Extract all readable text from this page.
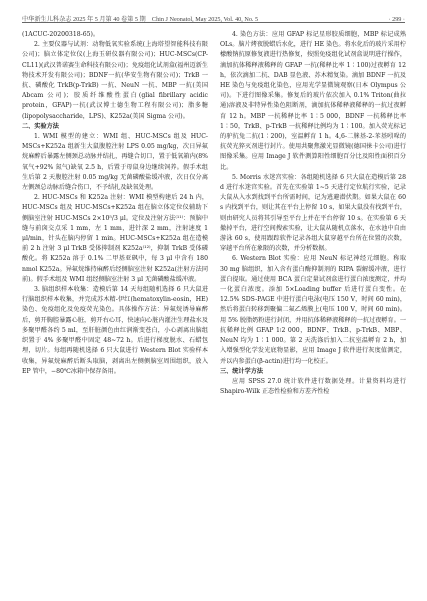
中华新生儿科杂志 2025 年 5 月第 40 卷第 5 期　Chin J Neonatol, May 2025, Vol. 40, No. 5	· 299 ·

(1ACUC-20200318-65)。

2. 主要仪器与试剂：动物低氧实验系统(上海塔望智能科技有限公司)；脑立体定位仪(上海玉研仪器有限公司)；HUC-MSCs(CP-CL11)(武汉普诺赛生命科技有限公司)；免疫组化试剂盒(福州迈新生物技术开发有限公司)；BDNF一抗(华安生物有限公司)；TrkB 一抗、磷酸化 TrkB(p-TrkB) 一抗、NeuN 一抗、MBP 一抗(美国 Abcam 公司)；胶质纤维酸性蛋白(glial fibrillary acidic protein，GFAP)一抗(武汉博士德生物工程有限公司)；脂多糖(lipopolysaccharide，LPS)、K252a(美国 Sigma 公司)。

二、实验方法

1. WMI 模型的建立：WMI 组、HUC-MSCs 组及 HUC-MSCs+K252a 组新生大鼠腹腔注射 LPS 0.05 mg/kg，次日异氟烷麻醉后暴露左侧颈总动脉并结扎，再缝合切口，置于低氧箱内(8% 氧气+92% 氮气)缺氧 2.5 h，后置于母鼠身边继续饲养。假手术组生后第 2 天腹腔注射 0.05 mg/kg 无菌磷酸盐缓冲液，次日仅分离左侧颈总动脉后缝合伤口，不予结扎及缺氧处理。

2. HUC-MSCs 和 K252a 注射：WMI 模型构建后 24 h 内，HUC-MSCs 组及 HUC-MSCs+K252a 组在脑立体定位仪辅助下侧脑室注射 HUC-MSCs 2×10⁵/3 μl。定位及注射方法⁽¹¹⁾：预脑中缝与前囟交点采 1 mm，左 1 mm，进针深 2 mm，注射速度 1 μl/min，针头在脑内停留 1 min。HUC-MSCs+K252a 组在造模前 2 h 注射 3 μl TrkB 受体抑制剂 K252a⁽¹²⁾，抑制 TrkB 受体磷酸化。将 K252a 溶于 0.1% 二甲基亚砜中，每 3 μl 中含有 180 nmol K252a。异氟烷维持麻醉后经侧脑室注射 K252a(注射方法同前)。假手术组及 WMI 组经侧脑室注射 3 μl 无菌磷酸盐缓冲液。

3. 脑组织样本收集：造模后第 14 天每组随机选择 6 只大鼠进行脑组织样本收集，并完成苏木精-伊红(hematoxylin-eosin，HE)染色、免疫组化及免疫荧光染色。具体操作方法：异氟烷诱导麻醉后，剪开胸腔暴露心脏，剪开右心耳，快速向心脏内灌注生理盐水及多聚甲醛各约 5 ml，至肝脏颜色由红润渐变苍白，小心剥离出脑组织置于 4% 多聚甲醛中固定 48~72 h。后进行梯度脱水、石蜡包埋，切片。每组再随机选择 6 只大鼠进行 Western Blot 实验样本收集，异氟烷麻醉后断头取脑，剥离出左侧侧脑室周围组织，放入 EP 管中，−80℃冰箱中保存备用。

4. 染色方法：应用 GFAP 标记星形胶质细胞，MBP 标记成熟 OLs。脑片烤夜脱蜡后水化，进行 HE 染色。将水化后的玻片采用柠檬酸钠抗原修复液进行热修复，按照免疫组化试剂盒说明进行操作，滴加抗体稀释液稀释的 GFAP 一抗(稀释比率 1∶100)过夜孵育 12 h，依次滴加二抗、DAB 显色液、苏木精复染。滴加 BDNF 一抗及 HE 染色与免疫组化染色，应用光学显微镜观察(日本 Olympus 公司)。下进行图像采集。修复后的玻片依次加入 0.1% Triton(曲拉通)溶液及非特异性染色阻断剂，滴加抗体稀释液稀释的一抗过夜孵育 12 h。MBP 一抗稀释比率 1∶5 000，BDNF 一抗稀释比率 1∶50，TrkB、p-TrkB 一抗稀释比例均为 1∶100。加入荧光标记的驴抗兔二抗(1∶200)，室温孵育 1 h。4,6-二脒基-2-苯基吲哚的抗荧光猝灭剂进行封片。使用共聚焦激光显微镜(德国徕卡公司)进行图像采集。应用 Image J 软件测算阳性细胞百分比及阳性面积百分比。

5. Morris 水迷宫实验：各组随机选择 6 只大鼠在造模后第 28 d 进行水迷宫实验。首先在实验第 1~5 天进行定位航行实验，记录大鼠从入水到找到平台所需时间，记为逃避潜伏期。如果大鼠在 60 s 内找到平台，则让其在平台上停留 10 s，如果大鼠没有找到平台，则由研究人员将其引导至平台上并在平台停留 10 s。在实验第 6 天撤掉平台，进行空间搜索实验，让大鼠从随机点落水，在水池中自由游泳 60 s，使用跟踪软件记录各组大鼠穿越平台所在位置的次数，穿越平台所在象限的次数，并分析数据。

6. Western Blot 实验：应用 NeuN 标记神经元细胞。称取 30 mg 脑组织，加入含有蛋白酶抑制剂的 RIPA 裂解缓冲液，进行蛋白提取。通过使用 BCA 蛋白定量试剂盒进行蛋白浓度测定，并均一化蛋白浓度。添加 5×Loading buffer 后进行蛋白变性。在 12.5% SDS-PAGE 中进行蛋白电泳(电压 150 V，时间 60 min)，然后将蛋白转移到聚偏二氟乙烯膜上(电压 100 V，时间 60 min)。用 5% 脱脂奶粉进行封闭，并用抗体稀释液稀释的一抗过夜孵育。一抗稀释比例 GFAP 1∶2 000，BDNF、TrkB、p-TrkB、MBP、NeuN 均为 1∶1 000。第 2 天洗涤后加入二抗室温孵育 2 h，加入增强型化学发光底物显影，应用 Image J 软件进行灰度值测定，并以内参蛋白(β-actin)进行均一化校正。

三、统计学方法

应用 SPSS 27.0 统计软件进行数据处理。计量资料均进行 Shapiro-Wilk 正态性检验和方差齐性检
